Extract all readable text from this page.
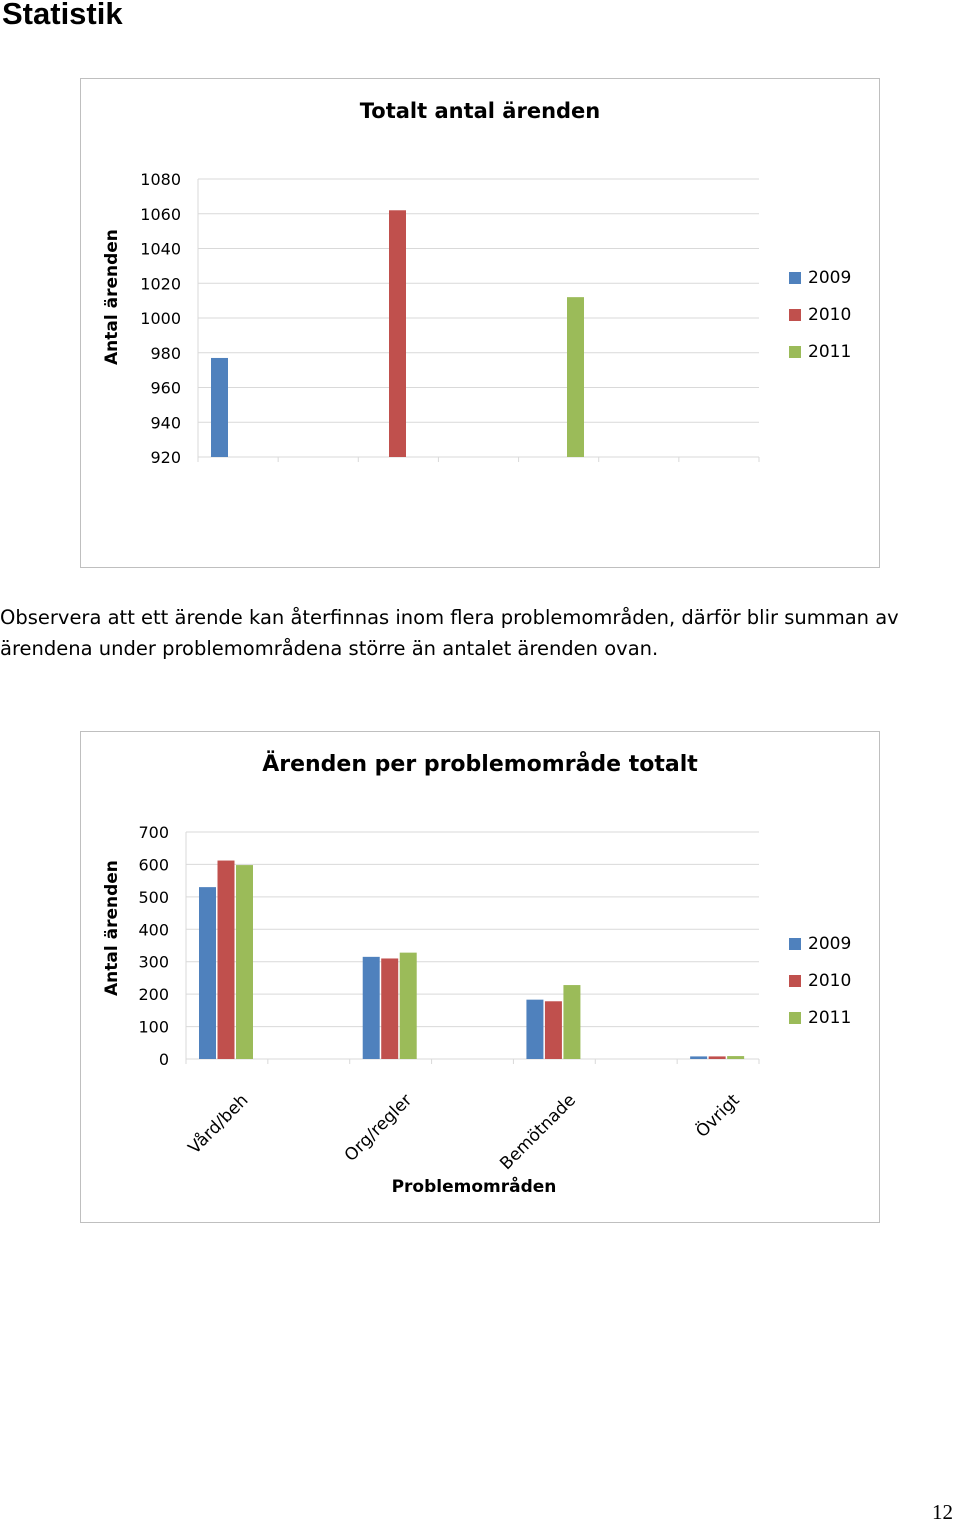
Statistik
Totalt antal ärenden
Antal ärenden
920
940
960
980
1000
1020
1040
1060
1080
2009
2010
2011

Observera att ett ärende kan återfinnas inom flera problemområden, därför blir summan av ärendena under problemområdena större än antalet ärenden ovan.

Ärenden per problemområde totalt
Antal ärenden
0
100
200
300
400
500
600
700
Vård/beh	Org/regler	Bemötnade	Övrigt
2009
2010
2011
Problemområden
12
